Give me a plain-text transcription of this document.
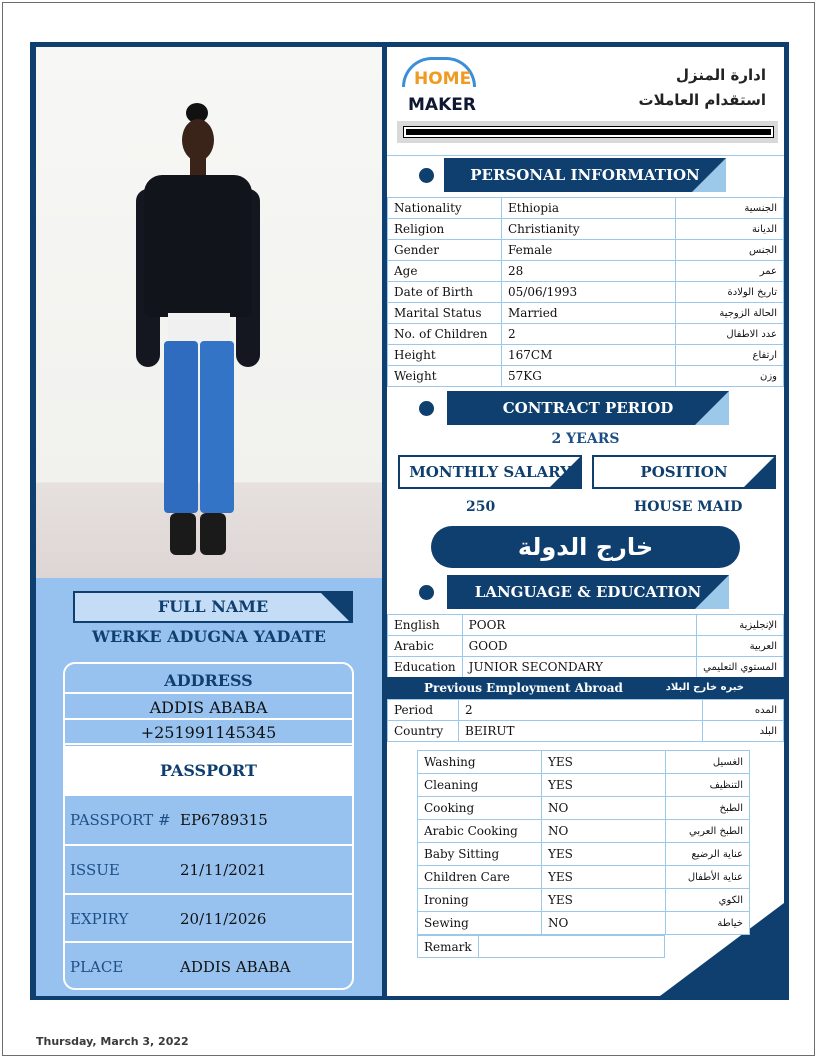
FULL NAME
WERKE ADUGNA YADATE
ADDRESS
ADDIS ABABA
+251991145345
PASSPORT
PASSPORT # EP6789315
ISSUE	21/11/2021
EXPIRY	20/11/2026
PLACE	ADDIS ABABA
HOME
MAKER
ادارة المنزل
استقدام العاملات
PERSONAL INFORMATION
Nationality	Ethiopia	الجنسية
Religion	Christianity	الديانة
Gender	Female	الجنس
Age	28	عمر
Date of Birth	05/06/1993	تاريخ الولادة
Marital Status	Married	الحالة الزوجية
No. of Children	2	عدد الاطفال
Height	167CM	ارتفاع
Weight	57KG	وزن
CONTRACT PERIOD
2 YEARS
MONTHLY SALARY	POSITION
250	HOUSE MAID
خارج الدولة
LANGUAGE & EDUCATION
English	POOR	الإنجليزية
Arabic	GOOD	العربية
Education	JUNIOR SECONDARY	المستوي التعليمي
Previous Employment Abroad	خبره خارج البلاد
Period	2	المده
Country	BEIRUT	البلد
Washing	YES	الغسيل
Cleaning	YES	التنظيف
Cooking	NO	الطبخ
Arabic Cooking	NO	الطبخ العربي
Baby Sitting	YES	عناية الرضيع
Children Care	YES	عناية الأطفال
Ironing	YES	الكوي
Sewing	NO	خياطة
Remark	
Thursday, March 3, 2022
